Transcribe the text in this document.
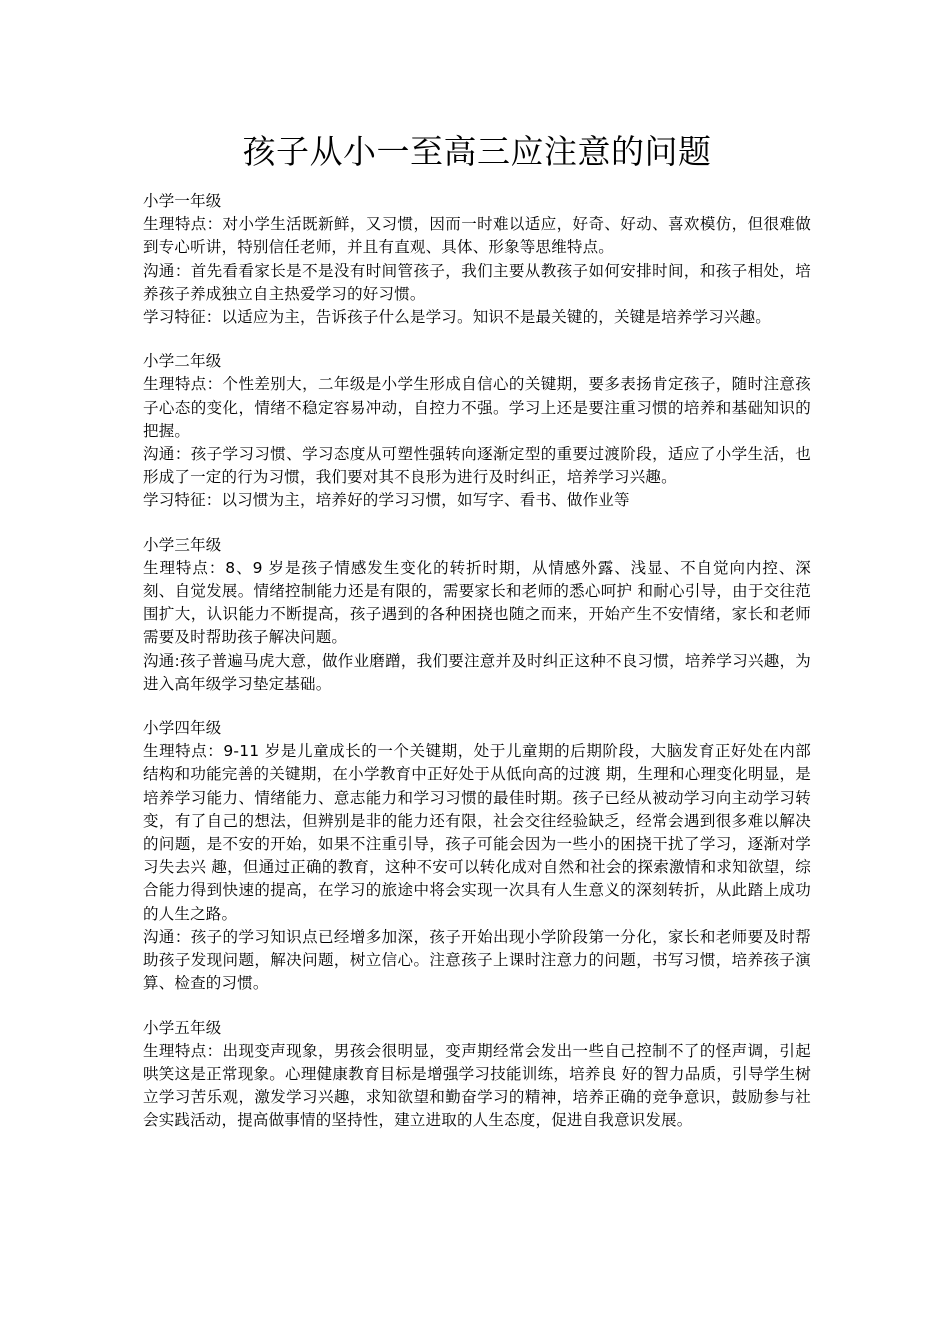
孩子从小一至高三应注意的问题

小学一年级

生理特点：对小学生活既新鲜，又习惯，因而一时难以适应，好奇、好动、喜欢模仿，但很难做到专心听讲，特别信任老师，并且有直观、具体、形象等思维特点。

沟通：首先看看家长是不是没有时间管孩子，我们主要从教孩子如何安排时间，和孩子相处，培养孩子养成独立自主热爱学习的好习惯。

学习特征：以适应为主，告诉孩子什么是学习。知识不是最关键的，关键是培养学习兴趣。

小学二年级

生理特点：个性差别大，二年级是小学生形成自信心的关键期，要多表扬肯定孩子，随时注意孩子心态的变化，情绪不稳定容易冲动，自控力不强。学习上还是要注重习惯的培养和基础知识的把握。

沟通：孩子学习习惯、学习态度从可塑性强转向逐渐定型的重要过渡阶段，适应了小学生活，也形成了一定的行为习惯，我们要对其不良形为进行及时纠正，培养学习兴趣。

学习特征：以习惯为主，培养好的学习习惯，如写字、看书、做作业等

小学三年级

生理特点：8、9 岁是孩子情感发生变化的转折时期，从情感外露、浅显、不自觉向内控、深刻、自觉发展。情绪控制能力还是有限的，需要家长和老师的悉心呵护 和耐心引导，由于交往范围扩大，认识能力不断提高，孩子遇到的各种困挠也随之而来，开始产生不安情绪，家长和老师需要及时帮助孩子解决问题。

沟通:孩子普遍马虎大意，做作业磨蹭，我们要注意并及时纠正这种不良习惯，培养学习兴趣，为进入高年级学习垫定基础。

小学四年级

生理特点：9-11 岁是儿童成长的一个关键期，处于儿童期的后期阶段，大脑发育正好处在内部结构和功能完善的关键期，在小学教育中正好处于从低向高的过渡 期，生理和心理变化明显，是培养学习能力、情绪能力、意志能力和学习习惯的最佳时期。孩子已经从被动学习向主动学习转变，有了自己的想法，但辨别是非的能力还有限，社会交往经验缺乏，经常会遇到很多难以解决的问题，是不安的开始，如果不注重引导，孩子可能会因为一些小的困挠干扰了学习，逐渐对学习失去兴 趣，但通过正确的教育，这种不安可以转化成对自然和社会的探索激情和求知欲望，综合能力得到快速的提高，在学习的旅途中将会实现一次具有人生意义的深刻转折，从此踏上成功的人生之路。

沟通：孩子的学习知识点已经增多加深，孩子开始出现小学阶段第一分化，家长和老师要及时帮助孩子发现问题，解决问题，树立信心。注意孩子上课时注意力的问题，书写习惯，培养孩子演算、检查的习惯。

小学五年级

生理特点：出现变声现象，男孩会很明显，变声期经常会发出一些自己控制不了的怪声调，引起哄笑这是正常现象。心理健康教育目标是增强学习技能训练，培养良 好的智力品质，引导学生树立学习苦乐观，激发学习兴趣，求知欲望和勤奋学习的精神，培养正确的竞争意识，鼓励参与社会实践活动，提高做事情的坚持性，建立进取的人生态度，促进自我意识发展。
